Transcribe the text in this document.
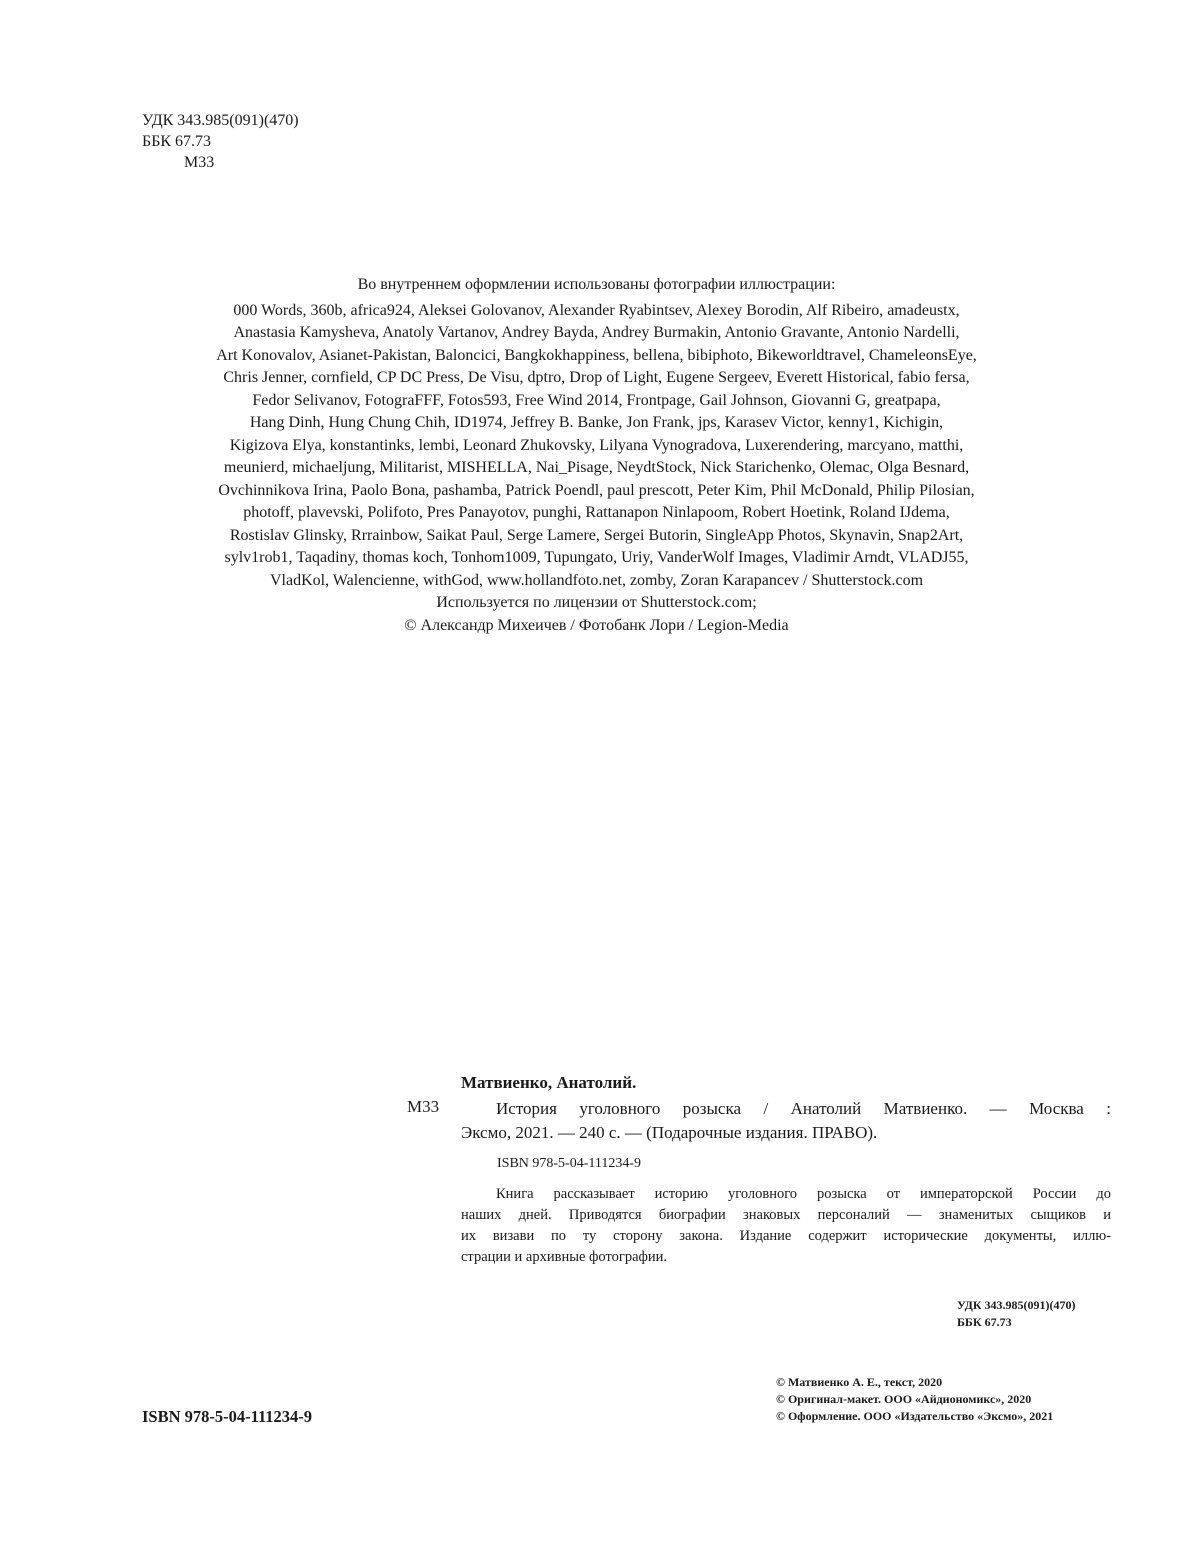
УДК 343.985(091)(470)
ББК 67.73
М33
Во внутреннем оформлении использованы фотографии иллюстрации:
000 Words, 360b, africa924, Aleksei Golovanov, Alexander Ryabintsev, Alexey Borodin, Alf Ribeiro, amadeustx,
Anastasia Kamysheva, Anatoly Vartanov, Andrey Bayda, Andrey Burmakin, Antonio Gravante, Antonio Nardelli,
Art Konovalov, Asianet-Pakistan, Baloncici, Bangkokhappiness, bellena, bibiphoto, Bikeworldtravel, ChameleonsEye,
Chris Jenner, cornfield, CP DC Press, De Visu, dptro, Drop of Light, Eugene Sergeev, Everett Historical, fabio fersa,
Fedor Selivanov, FotograFFF, Fotos593, Free Wind 2014, Frontpage, Gail Johnson, Giovanni G, greatpapa,
Hang Dinh, Hung Chung Chih, ID1974, Jeffrey B. Banke, Jon Frank, jps, Karasev Victor, kenny1, Kichigin,
Kigizova Elya, konstantinks, lembi, Leonard Zhukovsky, Lilyana Vynogradova, Luxerendering, marcyano, matthi,
meunierd, michaeljung, Militarist, MISHELLA, Nai_Pisage, NeydtStock, Nick Starichenko, Olemac, Olga Besnard,
Ovchinnikova Irina, Paolo Bona, pashamba, Patrick Poendl, paul prescott, Peter Kim, Phil McDonald, Philip Pilosian,
photoff, plavevski, Polifoto, Pres Panayotov, punghi, Rattanapon Ninlapoom, Robert Hoetink, Roland IJdema,
Rostislav Glinsky, Rrrainbow, Saikat Paul, Serge Lamere, Sergei Butorin, SingleApp Photos, Skynavin, Snap2Art,
sylv1rob1, Taqadiny, thomas koch, Tonhom1009, Tupungato, Uriy, VanderWolf Images, Vladimir Arndt, VLADJ55,
VladKol, Walencienne, withGod, www.hollandfoto.net, zomby, Zoran Karapancev / Shutterstock.com
Используется по лицензии от Shutterstock.com;
© Александр Михеичев / Фотобанк Лори / Legion-Media
Матвиенко, Анатолий.
М33	История уголовного розыска / Анатолий Матвиенко. — Москва :
Эксмо, 2021. — 240 с. — (Подарочные издания. ПРАВО).
ISBN 978-5-04-111234-9
Книга рассказывает историю уголовного розыска от императорской России до
наших дней. Приводятся биографии знаковых персоналий — знаменитых сыщиков и
их визави по ту сторону закона. Издание содержит исторические документы, иллю-
страции и архивные фотографии.
УДК 343.985(091)(470)
ББК 67.73
ISBN 978-5-04-111234-9
© Матвиенко А. Е., текст, 2020
© Оригинал-макет. ООО «Айдиономикс», 2020
© Оформление. ООО «Издательство «Эксмо», 2021
